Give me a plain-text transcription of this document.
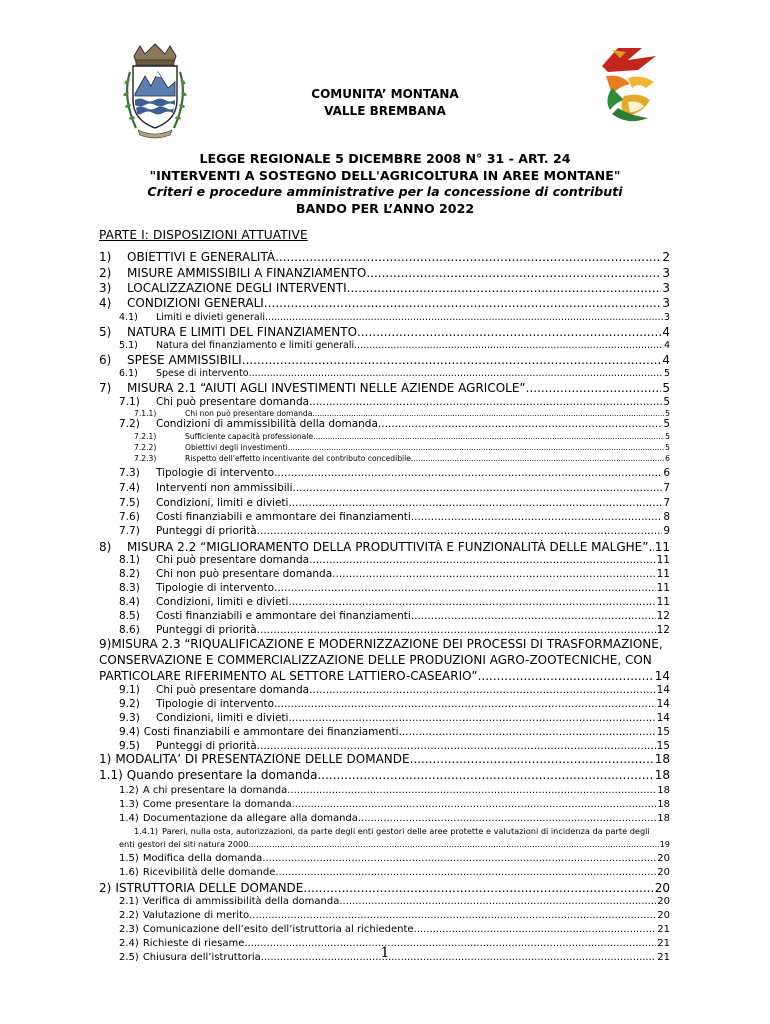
COMUNITA’ MONTANA
VALLE BREMBANA
LEGGE REGIONALE 5 DICEMBRE 2008 N° 31 - ART. 24
"INTERVENTI A SOSTEGNO DELL'AGRICOLTURA IN AREE MONTANE"
Criteri e procedure amministrative per la concessione di contributi
BANDO PER L’ANNO 2022
PARTE I: DISPOSIZIONI ATTUATIVE
1)	OBIETTIVI E GENERALITÀ .....	2
2)	MISURE AMMISSIBILI A FINANZIAMENTO .....	3
3)	LOCALIZZAZIONE DEGLI INTERVENTI .....	3
4)	CONDIZIONI GENERALI .....	3
4.1)	Limiti e divieti generali .....	3
5)	NATURA E LIMITI DEL FINANZIAMENTO .....	4
5.1)	Natura del finanziamento e limiti generali .....	4
6)	SPESE AMMISSIBILI .....	4
6.1)	Spese di intervento .....	5
7)	MISURA 2.1 “AIUTI AGLI INVESTIMENTI NELLE AZIENDE AGRICOLE” .....	5
7.1)	Chi può presentare domanda .....	5
7.1.1)	Chi non può presentare domanda .....	5
7.2)	Condizioni di ammissibilità della domanda .....	5
7.2.1)	Sufficiente capacità professionale .....	5
7.2.2)	Obiettivi degli investimenti .....	5
7.2.3)	Rispetto dell’effetto incentivante del contributo concedibile .....	6
7.3)	Tipologie di intervento .....	6
7.4)	Interventi non ammissibili .....	7
7.5)	Condizioni, limiti e divieti .....	7
7.6)	Costi finanziabili e ammontare dei finanziamenti .....	8
7.7)	Punteggi di priorità .....	9
8)	MISURA 2.2 “MIGLIORAMENTO DELLA PRODUTTIVITÀ E FUNZIONALITÀ DELLE MALGHE” ..... 11
8.1)	Chi può presentare domanda .....	11
8.2)	Chi non può presentare domanda .....	11
8.3)	Tipologie di intervento .....	11
8.4)	Condizioni, limiti e divieti .....	11
8.5)	Costi finanziabili e ammontare dei finanziamenti .....	12
8.6)	Punteggi di priorità .....	12
9)MISURA 2.3 “RIQUALIFICAZIONE E MODERNIZZAZIONE DEI PROCESSI DI TRASFORMAZIONE,
CONSERVAZIONE E COMMERCIALIZZAZIONE DELLE PRODUZIONI AGRO-ZOOTECNICHE, CON
PARTICOLARE RIFERIMENTO AL SETTORE LATTIERO-CASEARIO” .....	14
9.1)	Chi può presentare domanda .....	14
9.2)	Tipologie di intervento .....	14
9.3)	Condizioni, limiti e divieti .....	14
9.4) Costi finanziabili e ammontare dei finanziamenti .....	15
9.5)	Punteggi di priorità .....	15
1) MODALITA’ DI PRESENTAZIONE DELLE DOMANDE .....	18
1.1) Quando presentare la domanda .....	18
1.2) A chi presentare la domanda .....	18
1.3) Come presentare la domanda .....	18
1.4) Documentazione da allegare alla domanda .....	18
1.4.1) Pareri, nulla osta, autorizzazioni, da parte degli enti gestori delle aree protette e valutazioni di incidenza da parte degli
enti gestori dei siti natura 2000 .....	19
1.5) Modifica della domanda .....	20
1.6) Ricevibilità delle domande .....	20
2) ISTRUTTORIA DELLE DOMANDE .....	20
2.1) Verifica di ammissibilità della domanda .....	20
2.2) Valutazione di merito .....	20
2.3) Comunicazione dell’esito dell’istruttoria al richiedente .....	21
2.4) Richieste di riesame .....	21
2.5) Chiusura dell’istruttoria .....	21
1
